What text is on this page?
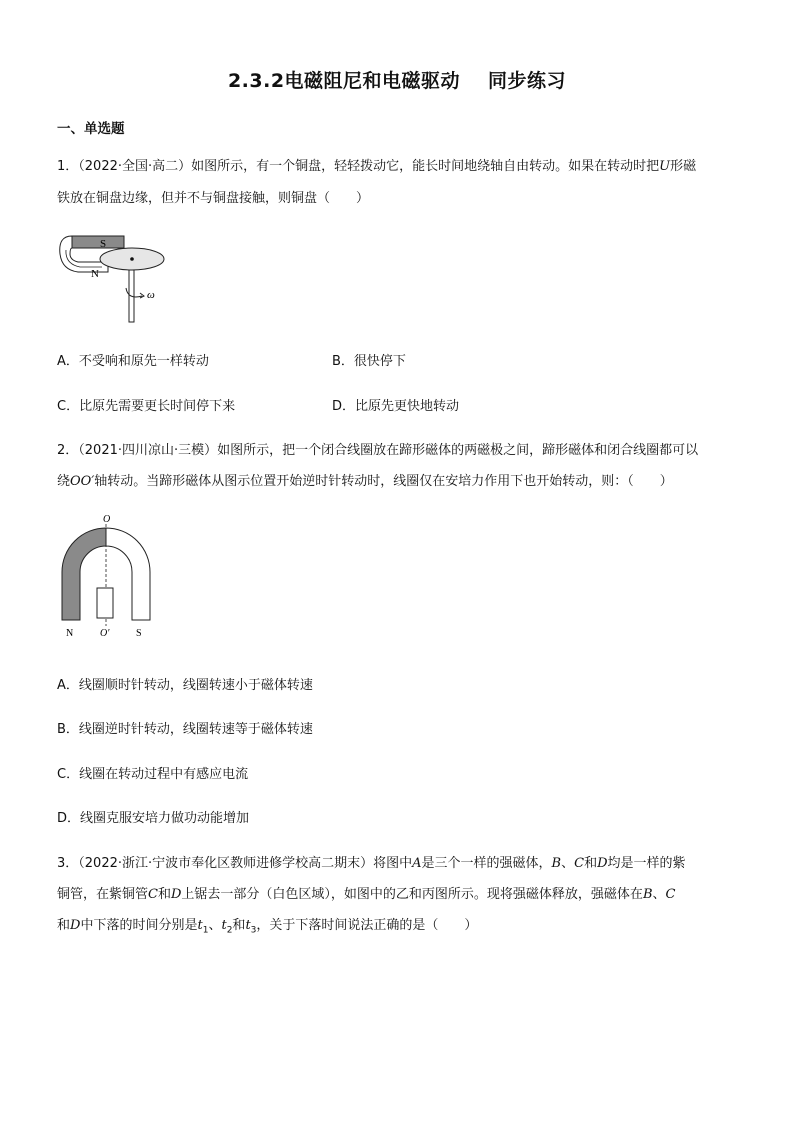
2.3.2电磁阻尼和电磁驱动 同步练习
一、单选题
1．（2022·全国·高二）如图所示，有一个铜盘，轻轻拨动它，能长时间地绕轴自由转动。如果在转动时把U形磁
铁放在铜盘边缘，但并不与铜盘接触，则铜盘（　　）
S
N
ω
A．不受响和原先一样转动	B．很快停下
C．比原先需要更长时间停下来	D．比原先更快地转动
2．（2021·四川凉山·三模）如图所示，把一个闭合线圈放在蹄形磁体的两磁极之间，蹄形磁体和闭合线圈都可以
绕OO′轴转动。当蹄形磁体从图示位置开始逆时针转动时，线圈仅在安培力作用下也开始转动，则：（　　）
O
N	O′	S
A．线圈顺时针转动，线圈转速小于磁体转速
B．线圈逆时针转动，线圈转速等于磁体转速
C．线圈在转动过程中有感应电流
D．线圈克服安培力做功动能增加
3．（2022·浙江·宁波市奉化区教师进修学校高二期末）将图中A是三个一样的强磁体，B、C和D均是一样的紫
铜管，在紫铜管C和D上锯去一部分（白色区域），如图中的乙和丙图所示。现将强磁体释放，强磁体在B、C
和D中下落的时间分别是$t_1$、$t_2$和$t_3$，关于下落时间说法正确的是（　　）
